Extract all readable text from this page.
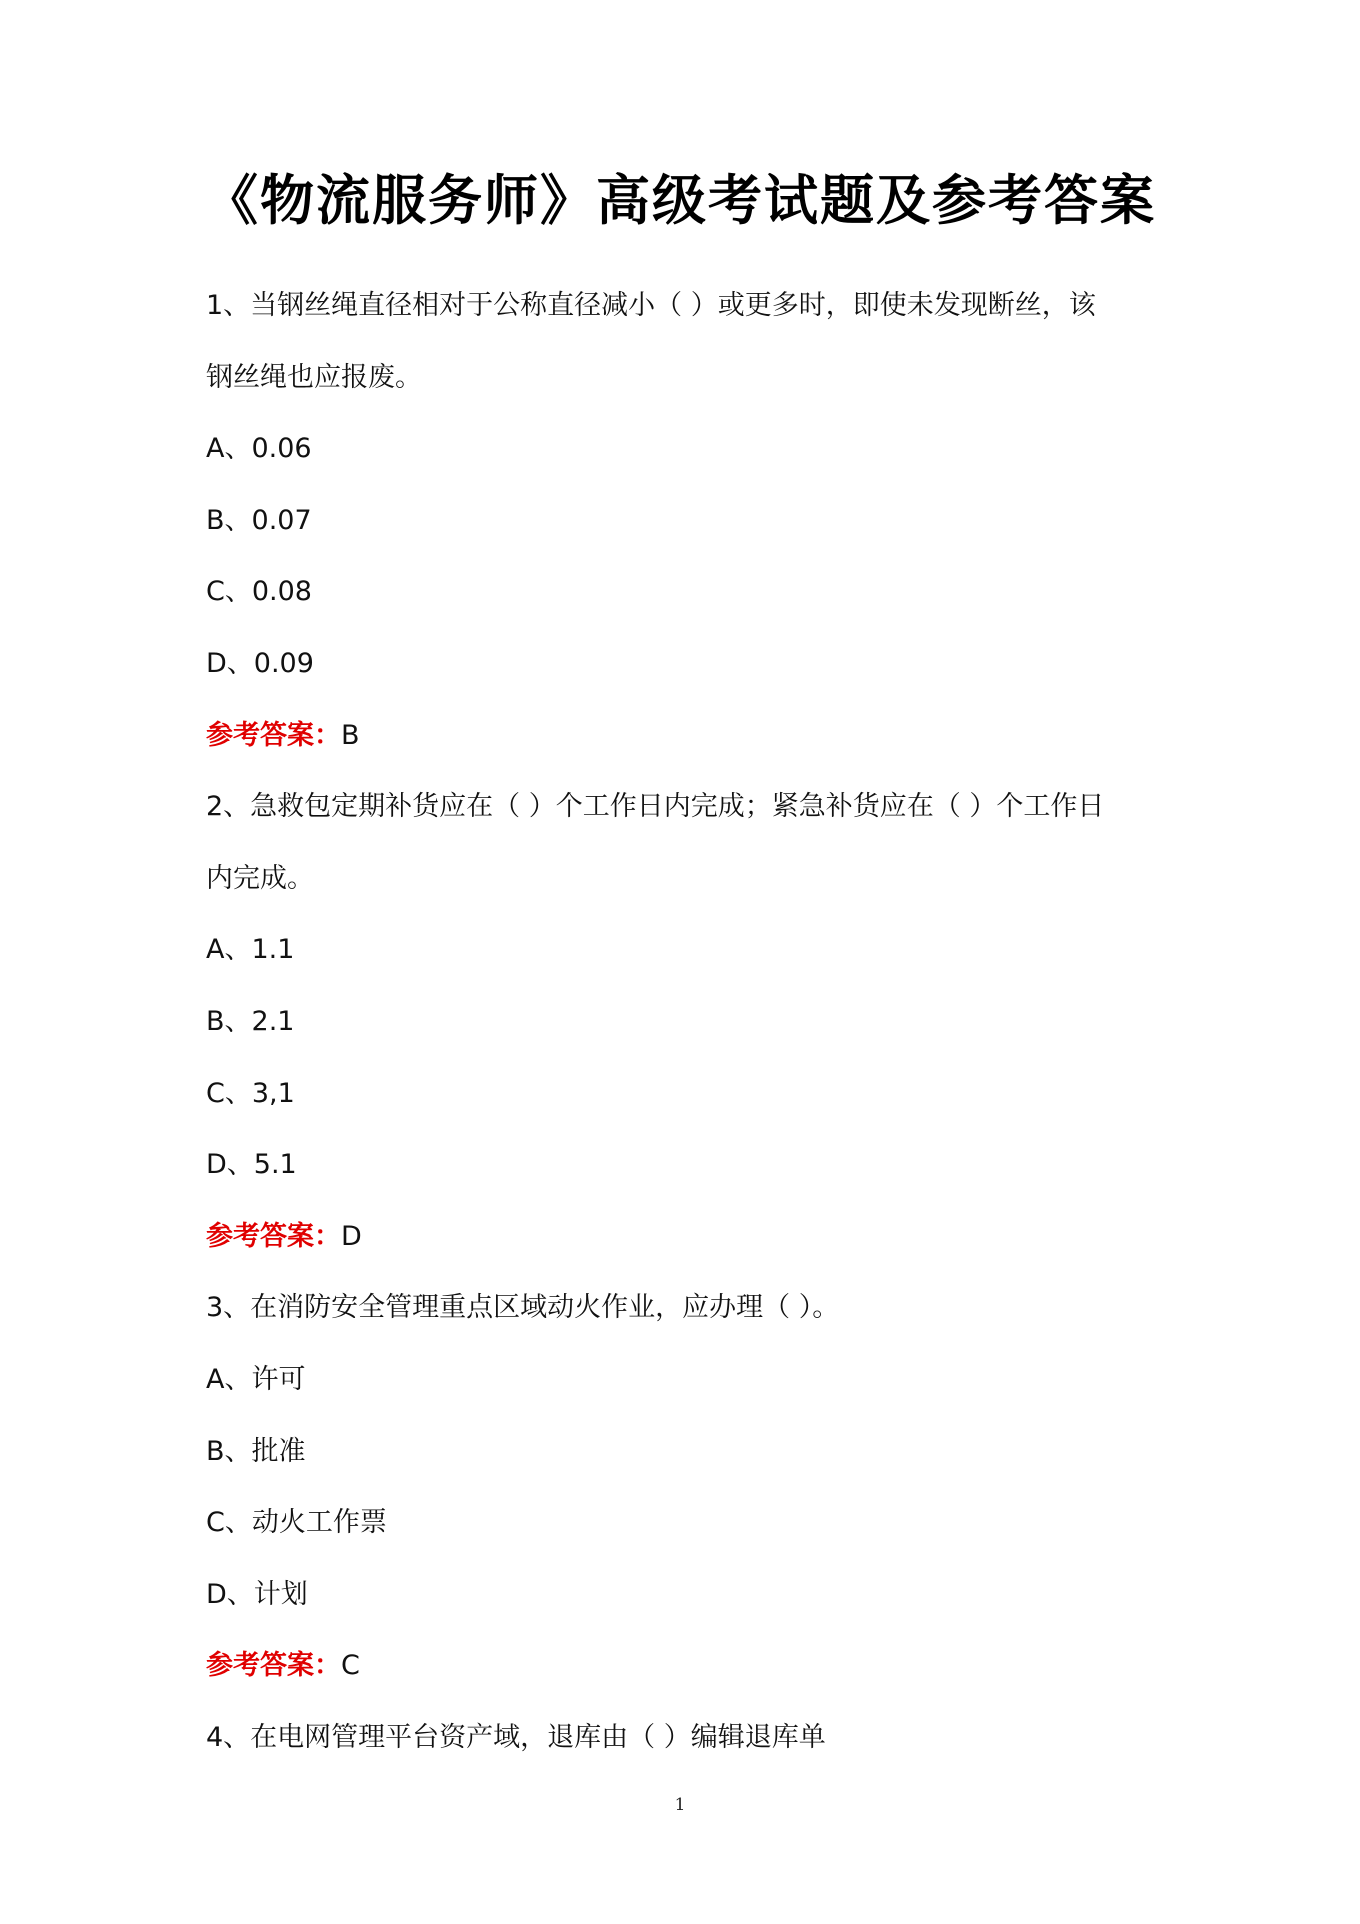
《物流服务师》高级考试题及参考答案
1、当钢丝绳直径相对于公称直径减小（ ）或更多时，即使未发现断丝，该
钢丝绳也应报废。
A、0.06
B、0.07
C、0.08
D、0.09
参考答案：B
2、急救包定期补货应在（ ）个工作日内完成；紧急补货应在（ ）个工作日
内完成。
A、1.1
B、2.1
C、3,1
D、5.1
参考答案：D
3、在消防安全管理重点区域动火作业，应办理（ ）。
A、许可
B、批准
C、动火工作票
D、计划
参考答案：C
4、在电网管理平台资产域，退库由（ ）编辑退库单
1
